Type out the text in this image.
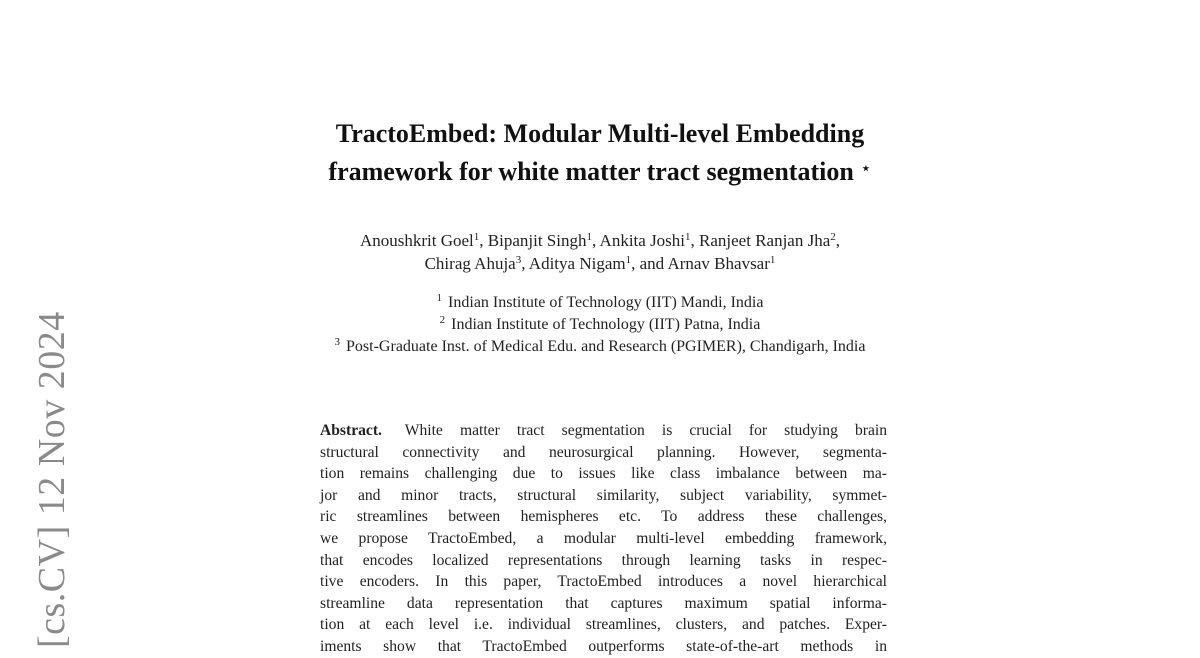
[cs.CV] 12 Nov 2024
TractoEmbed: Modular Multi-level Embedding
framework for white matter tract segmentation ⋆
Anoushkrit Goel$^1$, Bipanjit Singh$^1$, Ankita Joshi$^1$, Ranjeet Ranjan Jha$^2$,
Chirag Ahuja$^3$, Aditya Nigam$^1$, and Arnav Bhavsar$^1$
$^1$ Indian Institute of Technology (IIT) Mandi, India
$^2$ Indian Institute of Technology (IIT) Patna, India
$^3$ Post-Graduate Inst. of Medical Edu. and Research (PGIMER), Chandigarh, India
Abstract. White matter tract segmentation is crucial for studying brain
structural connectivity and neurosurgical planning. However, segmenta-
tion remains challenging due to issues like class imbalance between ma-
jor and minor tracts, structural similarity, subject variability, symmet-
ric streamlines between hemispheres etc. To address these challenges,
we propose TractoEmbed, a modular multi-level embedding framework,
that encodes localized representations through learning tasks in respec-
tive encoders. In this paper, TractoEmbed introduces a novel hierarchical
streamline data representation that captures maximum spatial informa-
tion at each level i.e. individual streamlines, clusters, and patches. Exper-
iments show that TractoEmbed outperforms state-of-the-art methods in
